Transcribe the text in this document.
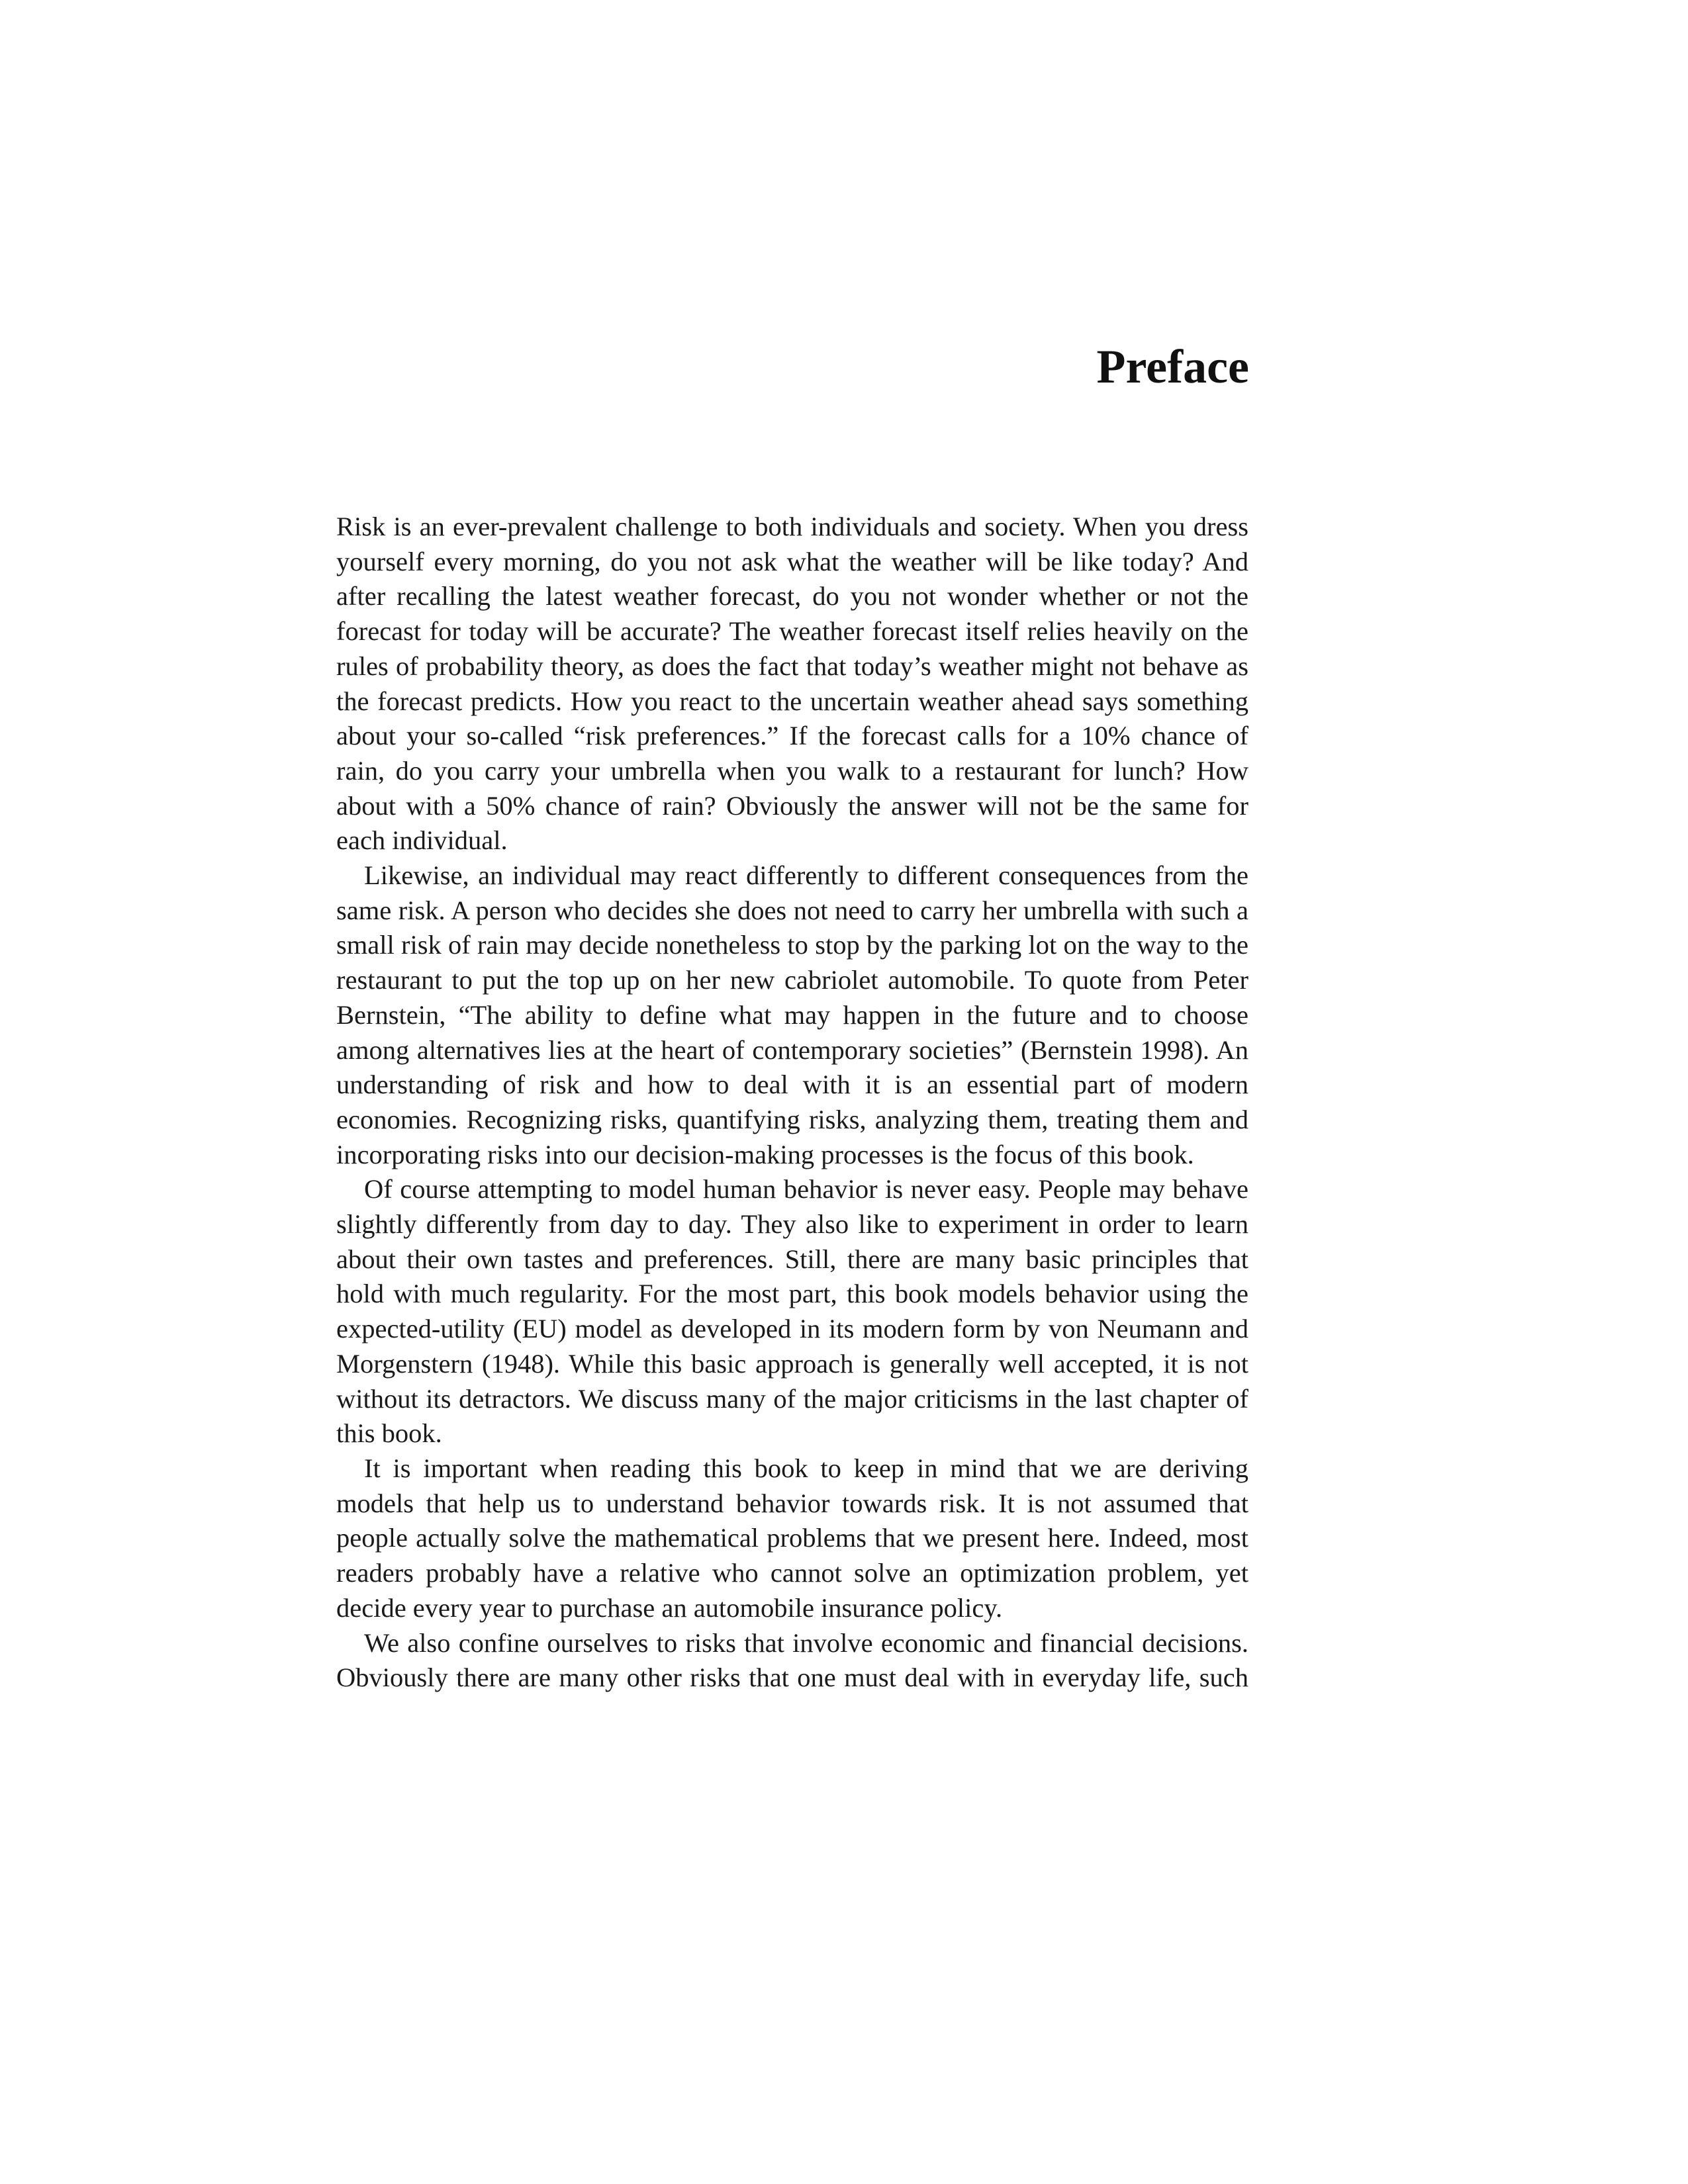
Preface

Risk is an ever-prevalent challenge to both individuals and society. When you dress yourself every morning, do you not ask what the weather will be like today? And after recalling the latest weather forecast, do you not wonder whether or not the forecast for today will be accurate? The weather forecast itself relies heavily on the rules of probability theory, as does the fact that today’s weather might not behave as the forecast predicts. How you react to the uncertain weather ahead says something about your so-called “risk preferences.” If the forecast calls for a 10% chance of rain, do you carry your umbrella when you walk to a restaurant for lunch? How about with a 50% chance of rain? Obviously the answer will not be the same for each individual.

Likewise, an individual may react differently to different consequences from the same risk. A person who decides she does not need to carry her umbrella with such a small risk of rain may decide nonetheless to stop by the parking lot on the way to the restaurant to put the top up on her new cabriolet automobile. To quote from Peter Bernstein, “The ability to define what may happen in the future and to choose among alternatives lies at the heart of contemporary societies” (Bernstein 1998). An understanding of risk and how to deal with it is an essential part of modern economies. Recognizing risks, quantifying risks, analyzing them, treating them and incorporating risks into our decision-making processes is the focus of this book.

Of course attempting to model human behavior is never easy. People may behave slightly differently from day to day. They also like to experiment in order to learn about their own tastes and preferences. Still, there are many basic principles that hold with much regularity. For the most part, this book models behavior using the expected-utility (EU) model as developed in its modern form by von Neumann and Morgenstern (1948). While this basic approach is generally well accepted, it is not without its detractors. We discuss many of the major criticisms in the last chapter of this book.

It is important when reading this book to keep in mind that we are deriving models that help us to understand behavior towards risk. It is not assumed that people actually solve the mathematical problems that we present here. Indeed, most readers probably have a relative who cannot solve an optimization problem, yet decide every year to purchase an automobile insurance policy.

We also confine ourselves to risks that involve economic and financial decisions. Obviously there are many other risks that one must deal with in everyday life, such
